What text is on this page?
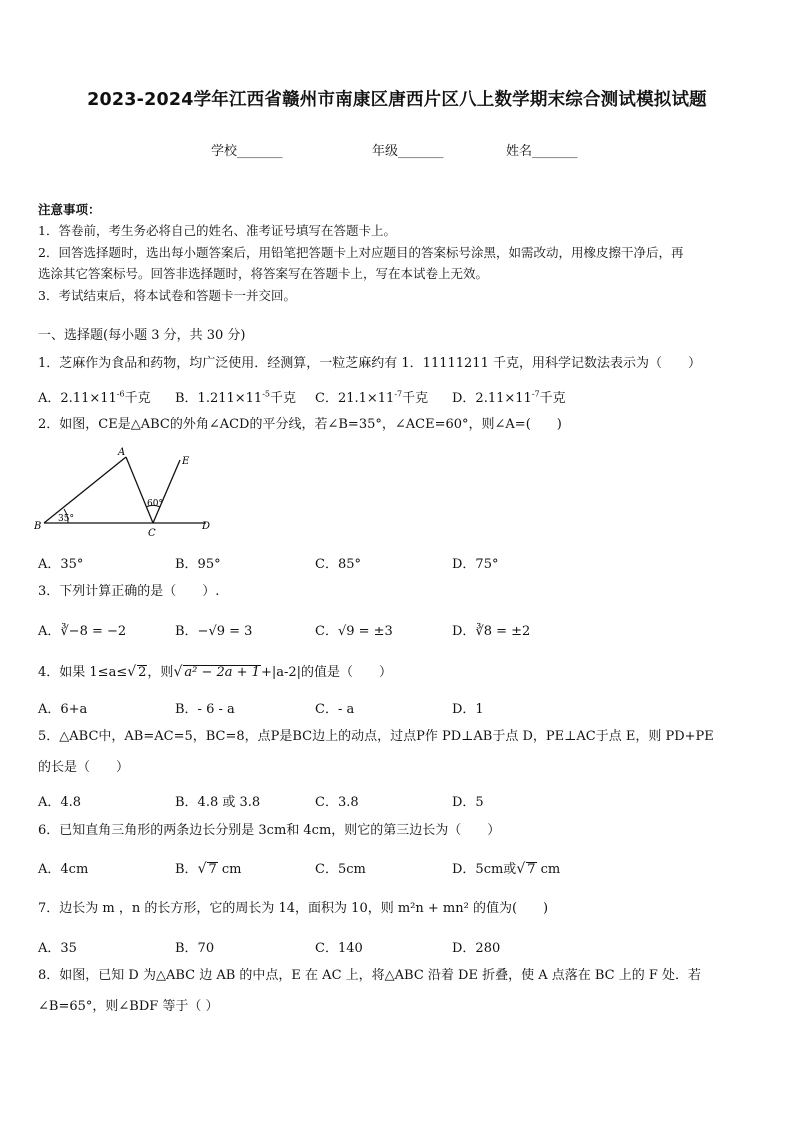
2023-2024学年江西省赣州市南康区唐西片区八上数学期末综合测试模拟试题
学校_______	年级_______	姓名_______
注意事项：
1．答卷前，考生务必将自己的姓名、准考证号填写在答题卡上。
2．回答选择题时，选出每小题答案后，用铅笔把答题卡上对应题目的答案标号涂黑，如需改动，用橡皮擦干净后，再
选涂其它答案标号。回答非选择题时，将答案写在答题卡上，写在本试卷上无效。
3．考试结束后，将本试卷和答题卡一并交回。
一、选择题(每小题 3 分，共 30 分)
1．芝麻作为食品和药物，均广泛使用．经测算，一粒芝麻约有 1．11111211 千克，用科学记数法表示为（　　）
A．$2.11\times 11^{-6}$千克 B．$1.211\times 11^{-5}$千克 C．$21.1\times 11^{-7}$千克 D．$2.11\times 11^{-7}$千克
2．如图，CE是△ABC的外角∠ACD的平分线，若∠B=35°，∠ACE=60°，则∠A=(　　)
A
B
C
D
E
35°
60°
A．35°	B．95°	C．85°	D．75°
3．下列计算正确的是（　　）.
A．∛−8 = −2	B．−√9 = 3	C．√9 = ±3	D．∛8 = ±2
4．如果 1≤a≤√ 2，则√ a² − 2a + 1+|a-2|的值是（　　）
A．6+a	B．- 6 - a	C．- a	D．1
5．△ABC中，AB=AC=5，BC=8，点P是BC边上的动点，过点P作 PD⊥AB于点 D，PE⊥AC于点 E，则 PD+PE
的长是（　　）
A．4.8	B．4.8 或 3.8	C．3.8	D．5
6．已知直角三角形的两条边长分别是 3cm和 4cm，则它的第三边长为（　　）
A．4cm	B．√ 7 cm	C．5cm	D．5cm或√ 7 cm
7．边长为 m ，n 的长方形，它的周长为 14，面积为 10，则 m²n + mn² 的值为(　　)
A．35	B．70	C．140	D．280
8．如图，已知 D 为△ABC 边 AB 的中点，E 在 AC 上，将△ABC 沿着 DE 折叠，使 A 点落在 BC 上的 F 处．若
∠B=65°，则∠BDF 等于（ ）
